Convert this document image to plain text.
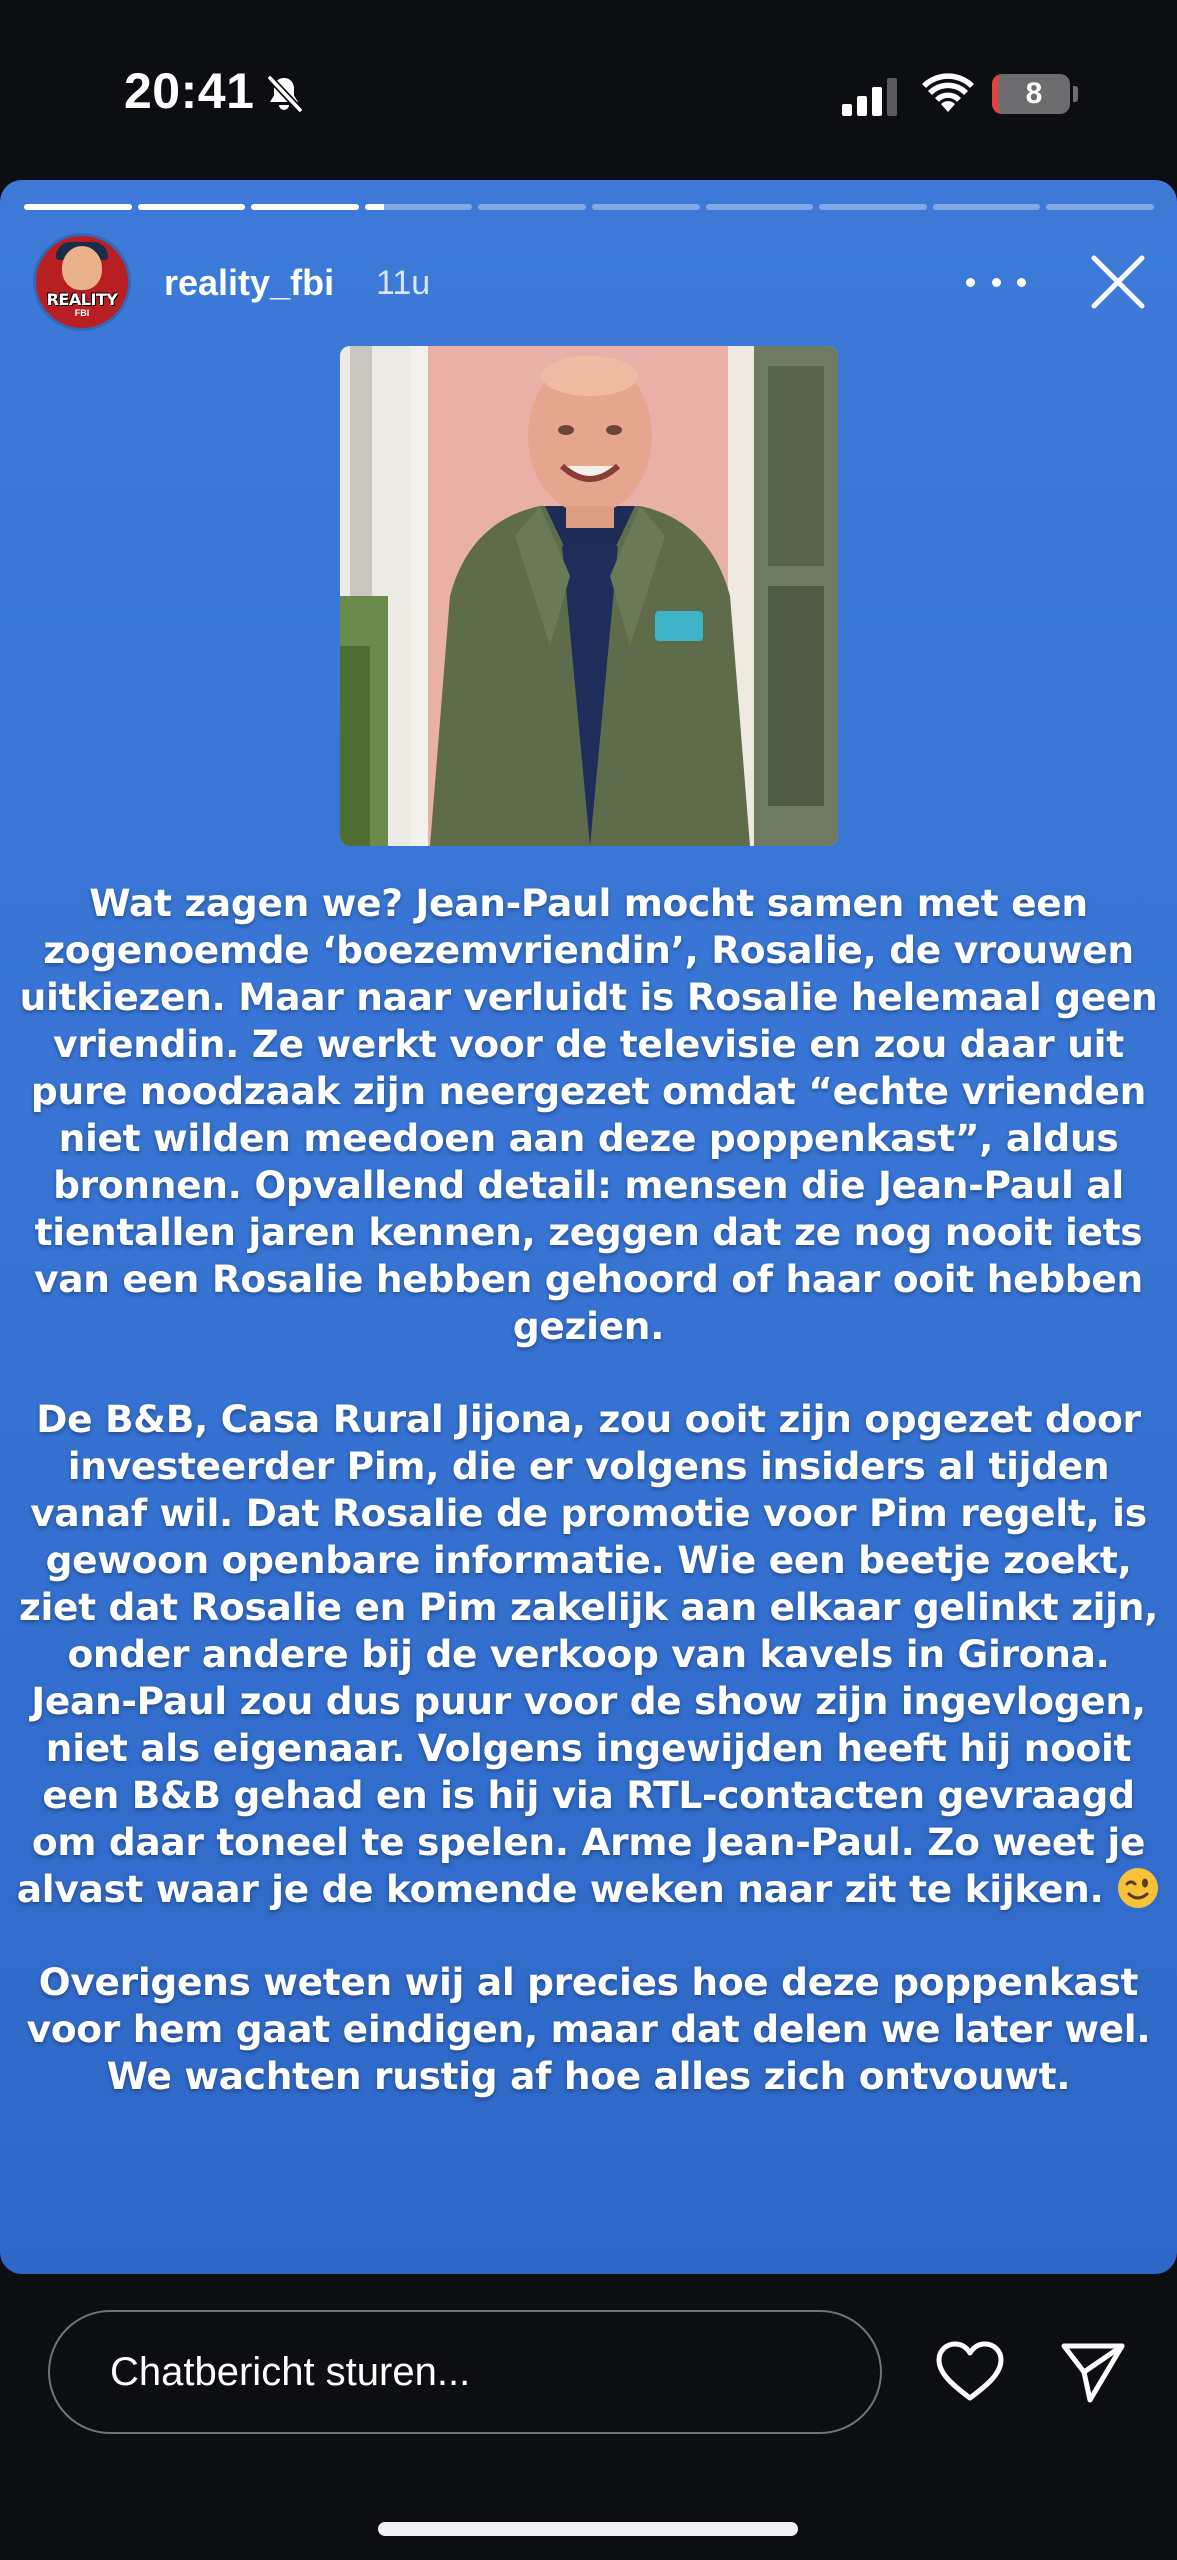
20:41	8
REALITY
FBI
reality_fbi 11u

Wat zagen we? Jean-Paul mocht samen met een zogenoemde ‘boezemvriendin’, Rosalie, de vrouwen uitkiezen. Maar naar verluidt is Rosalie helemaal geen vriendin. Ze werkt voor de televisie en zou daar uit pure noodzaak zijn neergezet omdat “echte vrienden niet wilden meedoen aan deze poppenkast”, aldus bronnen. Opvallend detail: mensen die Jean-Paul al tientallen jaren kennen, zeggen dat ze nog nooit iets van een Rosalie hebben gehoord of haar ooit hebben gezien.

De B&B, Casa Rural Jijona, zou ooit zijn opgezet door investeerder Pim, die er volgens insiders al tijden vanaf wil. Dat Rosalie de promotie voor Pim regelt, is gewoon openbare informatie. Wie een beetje zoekt, ziet dat Rosalie en Pim zakelijk aan elkaar gelinkt zijn, onder andere bij de verkoop van kavels in Girona. Jean-Paul zou dus puur voor de show zijn ingevlogen, niet als eigenaar. Volgens ingewijden heeft hij nooit een B&B gehad en is hij via RTL-contacten gevraagd om daar toneel te spelen. Arme Jean-Paul. Zo weet je alvast waar je de komende weken naar zit te kijken.

Overigens weten wij al precies hoe deze poppenkast voor hem gaat eindigen, maar dat delen we later wel. We wachten rustig af hoe alles zich ontvouwt.

Chatbericht sturen...
